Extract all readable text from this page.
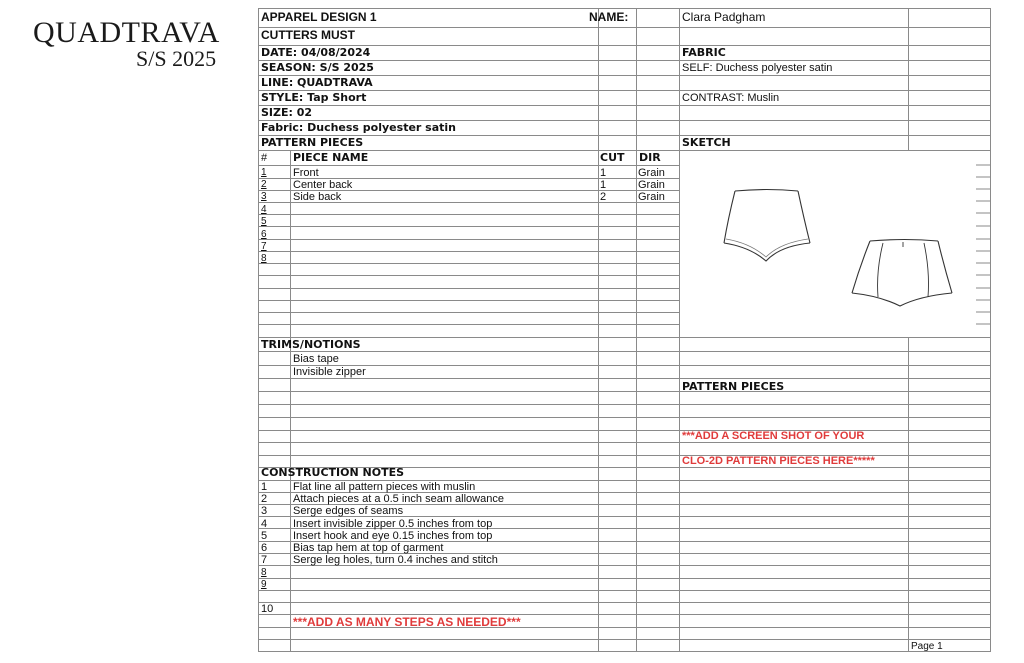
QUADTRAVA
S/S 2025
APPAREL DESIGN 1	NAME:	Clara Padgham
CUTTERS MUST
DATE: 04/08/2024
SEASON: S/S 2025
LINE: QUADTRAVA
STYLE: Tap Short
SIZE: 02
Fabric: Duchess polyester satin
FABRIC
SELF: Duchess polyester satin
CONTRAST: Muslin
PATTERN PIECES	SKETCH
# PIECE NAME	CUT DIR
1 Front	1	Grain
2 Center back	1	Grain
3 Side back	2	Grain
4
5
6
7
8
TRIMS/NOTIONS
Bias tape
Invisible zipper
PATTERN PIECES
***ADD A SCREEN SHOT OF YOUR
CLO-2D PATTERN PIECES HERE*****
CONSTRUCTION NOTES
1 Flat line all pattern pieces with muslin
2 Attach pieces at a 0.5 inch seam allowance
3 Serge edges of seams
4 Insert invisible zipper 0.5 inches from top
5 Insert hook and eye 0.15 inches from top
6 Bias tap hem at top of garment
7 Serge leg holes, turn 0.4 inches and stitch
8
9
10
***ADD AS MANY STEPS AS NEEDED***
Page 1
